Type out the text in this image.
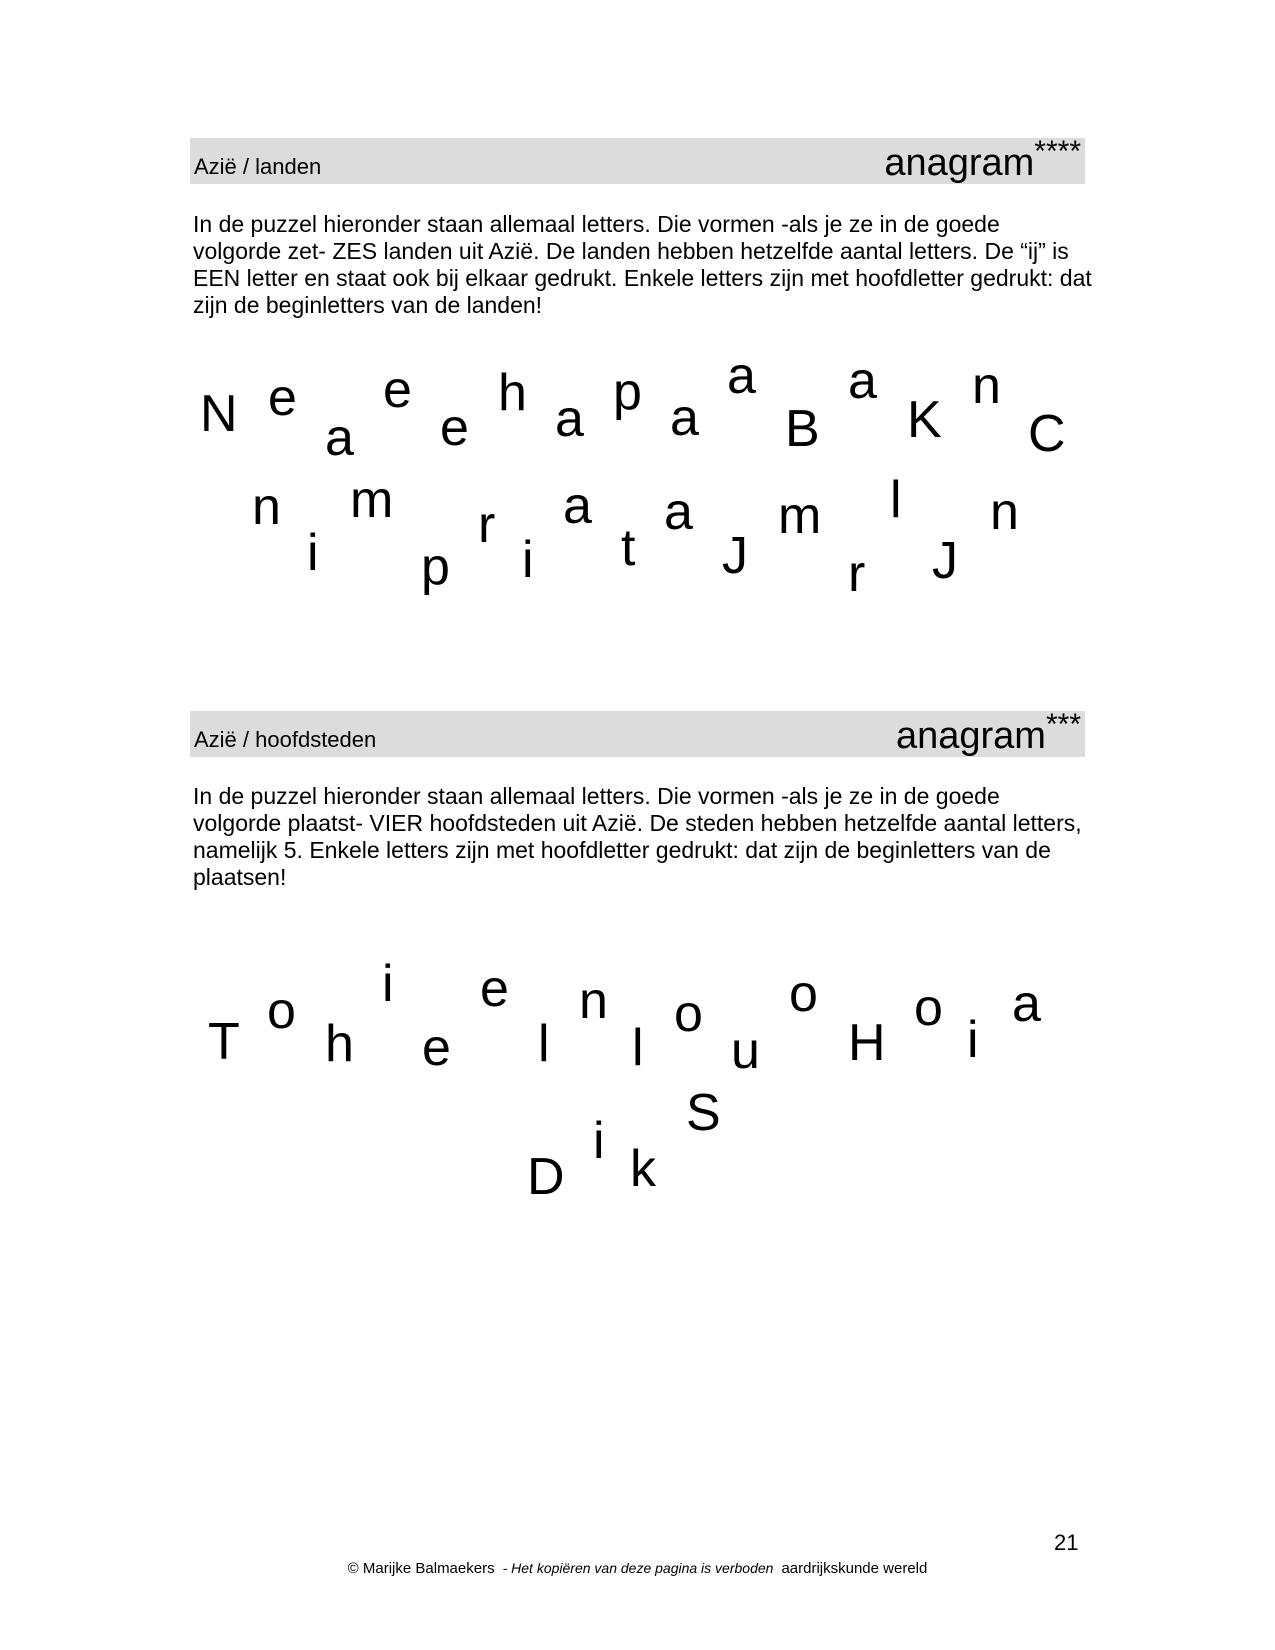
Azië / landen	anagram****
In de puzzel hieronder staan allemaal letters. Die vormen -als je ze in de goede volgorde zet- ZES landen uit Azië. De landen hebben hetzelfde aantal letters. De “ij” is EEN letter en staat ook bij elkaar gedrukt. Enkele letters zijn met hoofdletter gedrukt: dat zijn de beginletters van de landen!
N e
a
e
e
h a p a
a
B
a
K
n
C
n
i
m
p
r
i
a
t
a
J
m
r
l
J
n
Azië / hoofdsteden	anagram***
In de puzzel hieronder staan allemaal letters. Die vormen -als je ze in de goede volgorde plaatst- VIER hoofdsteden uit Azië. De steden hebben hetzelfde aantal letters, namelijk 5. Enkele letters zijn met hoofdletter gedrukt: dat zijn de beginletters van de plaatsen!
T
o
h
i
e
e
l
n
l
o
u
o
H
o
i
a
S
i
D k
21
© Marijke Balmaekers - Het kopiëren van deze pagina is verboden aardrijkskunde wereld
